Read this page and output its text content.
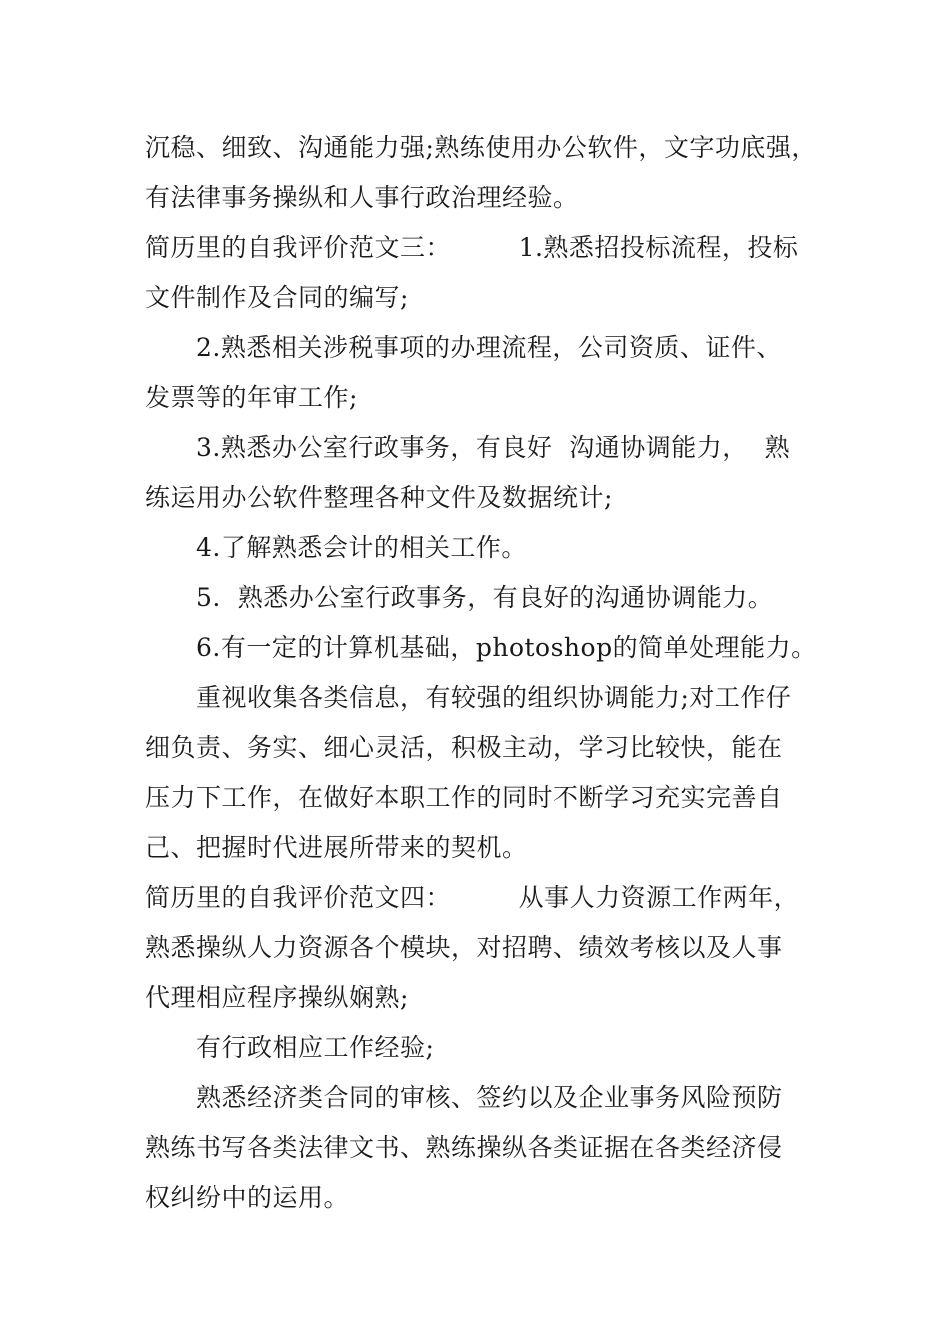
沉稳、细致、沟通能力强;熟练使用办公软件，文字功底强，
有法律事务操纵和人事行政治理经验。
简历里的自我评价范文三：        1.熟悉招投标流程，投标
文件制作及合同的编写;
2.熟悉相关涉税事项的办理流程，公司资质、证件、
发票等的年审工作;
3.熟悉办公室行政事务，有良好  沟通协调能力，  熟
练运用办公软件整理各种文件及数据统计;
4.了解熟悉会计的相关工作。
5.  熟悉办公室行政事务，有良好的沟通协调能力。
6.有一定的计算机基础，photoshop的简单处理能力。
重视收集各类信息，有较强的组织协调能力;对工作仔
细负责、务实、细心灵活，积极主动，学习比较快，能在
压力下工作，在做好本职工作的同时不断学习充实完善自
己、把握时代进展所带来的契机。
简历里的自我评价范文四：        从事人力资源工作两年，
熟悉操纵人力资源各个模块，对招聘、绩效考核以及人事
代理相应程序操纵娴熟;
有行政相应工作经验;
熟悉经济类合同的审核、签约以及企业事务风险预防
熟练书写各类法律文书、熟练操纵各类证据在各类经济侵
权纠纷中的运用。
